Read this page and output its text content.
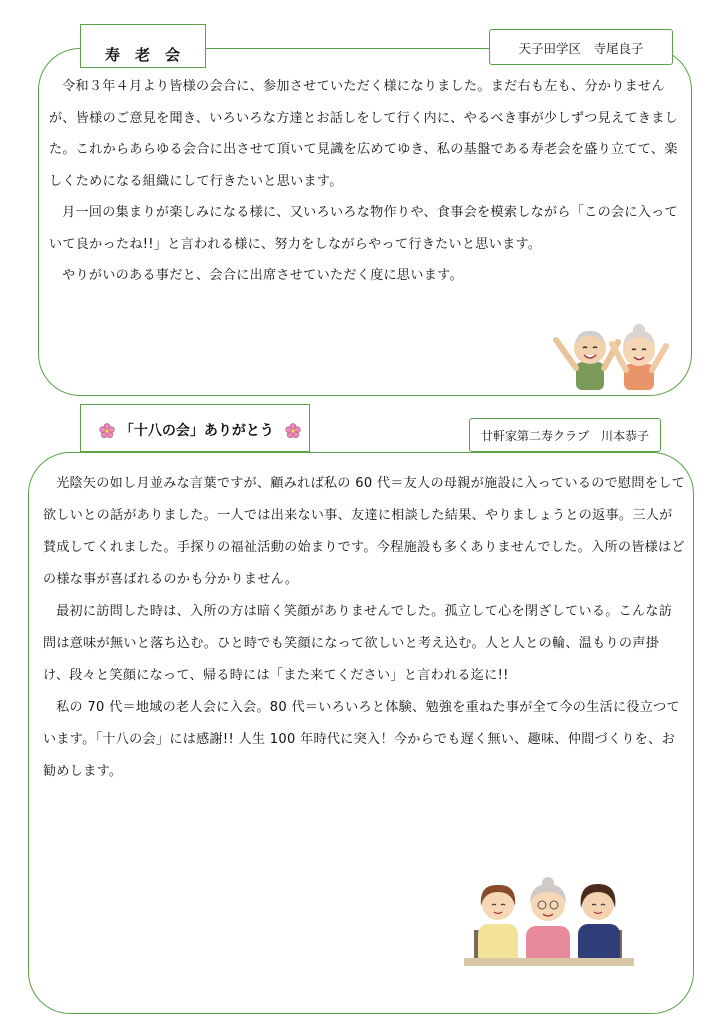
寿　老　会	天子田学区　寺尾良子

令和３年４月より皆様の会合に、参加させていただく様になりました。まだ右も左も、分かりませんが、皆様のご意見を聞き、いろいろな方達とお話しをして行く内に、やるべき事が少しずつ見えてきました。これからあらゆる会合に出させて頂いて見識を広めてゆき、私の基盤である寿老会を盛り立てて、楽しくためになる組織にして行きたいと思います。

月一回の集まりが楽しみになる様に、又いろいろな物作りや、食事会を模索しながら「この会に入っていて良かったね!!」と言われる様に、努力をしながらやって行きたいと思います。

やりがいのある事だと、会合に出席させていただく度に思います。

「十八の会」ありがとう	廿軒家第二寿クラブ　川本恭子

光陰矢の如し月並みな言葉ですが、顧みれば私の 60 代＝友人の母親が施設に入っているので慰問をして欲しいとの話がありました。一人では出来ない事、友達に相談した結果、やりましょうとの返事。三人が賛成してくれました。手探りの福祉活動の始まりです。今程施設も多くありませんでした。入所の皆様はどの様な事が喜ばれるのかも分かりません。

最初に訪問した時は、入所の方は暗く笑顔がありませんでした。孤立して心を閉ざしている。こんな訪問は意味が無いと落ち込む。ひと時でも笑顔になって欲しいと考え込む。人と人との輪、温もりの声掛け、段々と笑顔になって、帰る時には「また来てください」と言われる迄に!!

私の 70 代＝地域の老人会に入会。80 代＝いろいろと体験、勉強を重ねた事が全て今の生活に役立つています。「十八の会」には感謝!! 人生 100 年時代に突入！今からでも遅く無い、趣味、仲間づくりを、お勧めします。
